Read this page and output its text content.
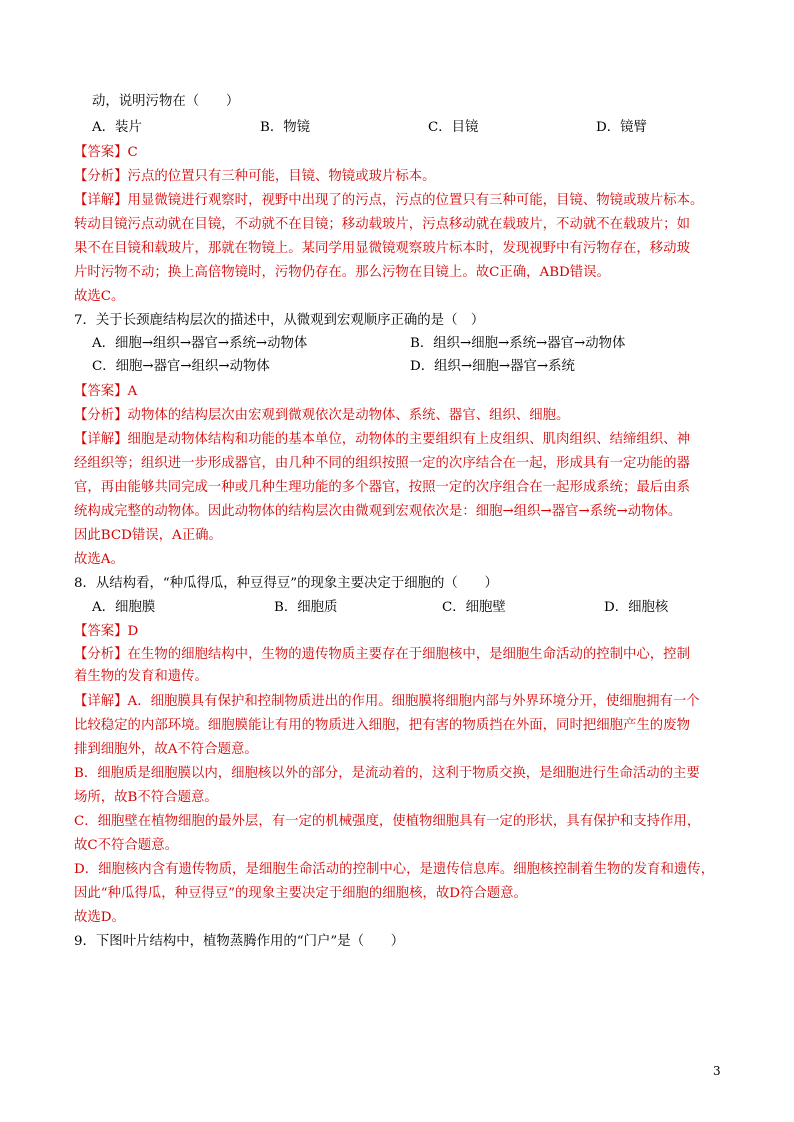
动，说明污物在（　　）
A．装片	B．物镜	C．目镜	D．镜臂
【答案】C
【分析】污点的位置只有三种可能，目镜、物镜或玻片标本。
【详解】用显微镜进行观察时，视野中出现了的污点，污点的位置只有三种可能，目镜、物镜或玻片标本。
转动目镜污点动就在目镜，不动就不在目镜；移动载玻片，污点移动就在载玻片，不动就不在载玻片；如
果不在目镜和载玻片，那就在物镜上。某同学用显微镜观察玻片标本时，发现视野中有污物存在，移动玻
片时污物不动；换上高倍物镜时，污物仍存在。那么污物在目镜上。故C正确，ABD错误。
故选C。
7．关于长颈鹿结构层次的描述中，从微观到宏观顺序正确的是（　）
A．细胞→组织→器官→系统→动物体	B．组织→细胞→系统→器官→动物体
C．细胞→器官→组织→动物体	D．组织→细胞→器官→系统
【答案】A
【分析】动物体的结构层次由宏观到微观依次是动物体、系统、器官、组织、细胞。
【详解】细胞是动物体结构和功能的基本单位，动物体的主要组织有上皮组织、肌肉组织、结缔组织、神
经组织等；组织进一步形成器官，由几种不同的组织按照一定的次序结合在一起，形成具有一定功能的器
官，再由能够共同完成一种或几种生理功能的多个器官，按照一定的次序组合在一起形成系统；最后由系
统构成完整的动物体。因此动物体的结构层次由微观到宏观依次是：细胞→组织→器官→系统→动物体。
因此BCD错误，A正确。
故选A。
8．从结构看，“种瓜得瓜，种豆得豆”的现象主要决定于细胞的（　　）
A．细胞膜	B．细胞质	C．细胞壁	D．细胞核
【答案】D
【分析】在生物的细胞结构中，生物的遗传物质主要存在于细胞核中，是细胞生命活动的控制中心，控制
着生物的发育和遗传。
【详解】A．细胞膜具有保护和控制物质进出的作用。细胞膜将细胞内部与外界环境分开，使细胞拥有一个
比较稳定的内部环境。细胞膜能让有用的物质进入细胞，把有害的物质挡在外面，同时把细胞产生的废物
排到细胞外，故A不符合题意。
B．细胞质是细胞膜以内，细胞核以外的部分，是流动着的，这利于物质交换，是细胞进行生命活动的主要
场所，故B不符合题意。
C．细胞壁在植物细胞的最外层，有一定的机械强度，使植物细胞具有一定的形状，具有保护和支持作用，
故C不符合题意。
D．细胞核内含有遗传物质，是细胞生命活动的控制中心，是遗传信息库。细胞核控制着生物的发育和遗传，
因此“种瓜得瓜，种豆得豆”的现象主要决定于细胞的细胞核，故D符合题意。
故选D。
9．下图叶片结构中，植物蒸腾作用的“门户”是（　　）
3
